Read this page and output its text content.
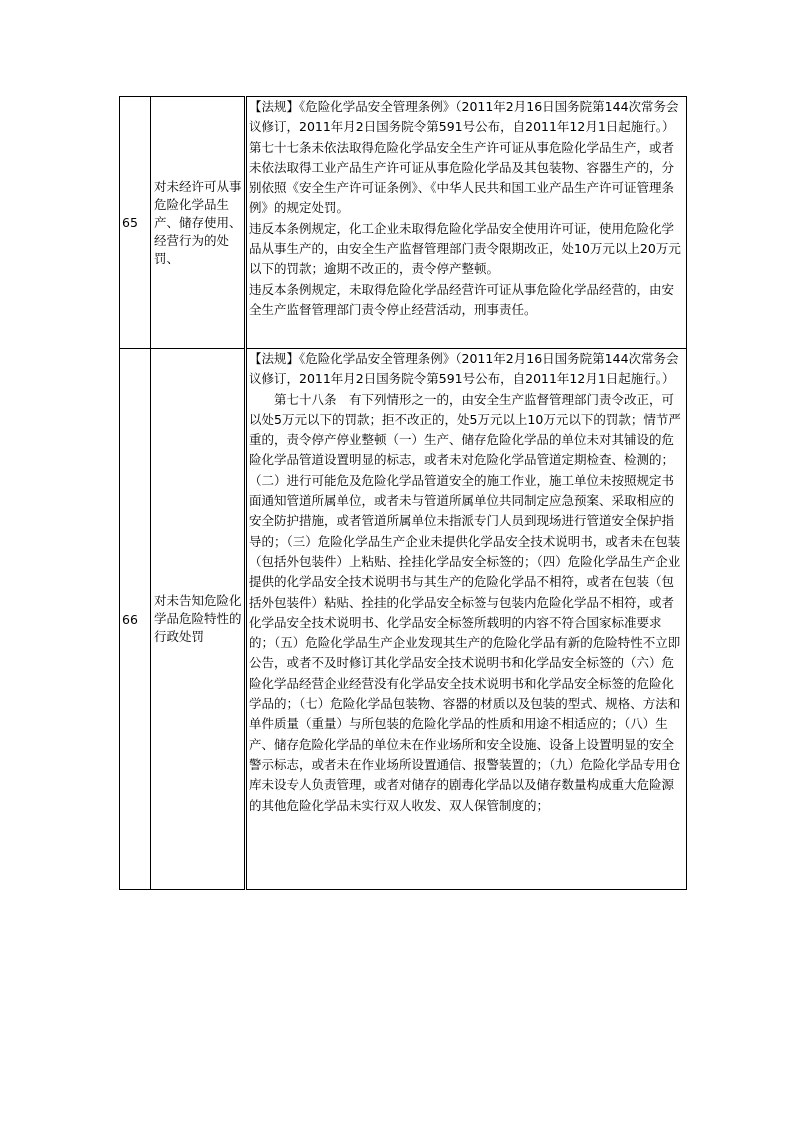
65	对未经许可从事危险化学品生产、储存使用、经营行为的处罚、	【法规】《危险化学品安全管理条例》（2011年2月16日国务院第144次常务会议修订，2011年月2日国务院令第591号公布，自2011年12月1日起施行。）

第七十七条未依法取得危险化学品安全生产许可证从事危险化学品生产，或者未依法取得工业产品生产许可证从事危险化学品及其包装物、容器生产的，分别依照《安全生产许可证条例》、《中华人民共和国工业产品生产许可证管理条例》的规定处罚。

违反本条例规定，化工企业未取得危险化学品安全使用许可证，使用危险化学品从事生产的，由安全生产监督管理部门责令限期改正，处10万元以上20万元以下的罚款；逾期不改正的，责令停产整顿。

违反本条例规定，未取得危险化学品经营许可证从事危险化学品经营的，由安全生产监督管理部门责令停止经营活动，刑事责任。

66	对未告知危险化学品危险特性的行政处罚	【法规】《危险化学品安全管理条例》（2011年2月16日国务院第144次常务会议修订，2011年月2日国务院令第591号公布，自2011年12月1日起施行。）

第七十八条　有下列情形之一的，由安全生产监督管理部门责令改正，可以处5万元以下的罚款；拒不改正的，处5万元以上10万元以下的罚款；情节严重的，责令停产停业整顿（一）生产、储存危险化学品的单位未对其铺设的危险化学品管道设置明显的标志，或者未对危险化学品管道定期检查、检测的；（二）进行可能危及危险化学品管道安全的施工作业，施工单位未按照规定书面通知管道所属单位，或者未与管道所属单位共同制定应急预案、采取相应的安全防护措施，或者管道所属单位未指派专门人员到现场进行管道安全保护指导的；（三）危险化学品生产企业未提供化学品安全技术说明书，或者未在包装（包括外包装件）上粘贴、拴挂化学品安全标签的；（四）危险化学品生产企业提供的化学品安全技术说明书与其生产的危险化学品不相符，或者在包装（包括外包装件）粘贴、拴挂的化学品安全标签与包装内危险化学品不相符，或者化学品安全技术说明书、化学品安全标签所载明的内容不符合国家标准要求的；（五）危险化学品生产企业发现其生产的危险化学品有新的危险特性不立即公告，或者不及时修订其化学品安全技术说明书和化学品安全标签的（六）危险化学品经营企业经营没有化学品安全技术说明书和化学品安全标签的危险化学品的；（七）危险化学品包装物、容器的材质以及包装的型式、规格、方法和单件质量（重量）与所包装的危险化学品的性质和用途不相适应的；（八）生产、储存危险化学品的单位未在作业场所和安全设施、设备上设置明显的安全警示标志，或者未在作业场所设置通信、报警装置的；（九）危险化学品专用仓库未设专人负责管理，或者对储存的剧毒化学品以及储存数量构成重大危险源的其他危险化学品未实行双人收发、双人保管制度的；
